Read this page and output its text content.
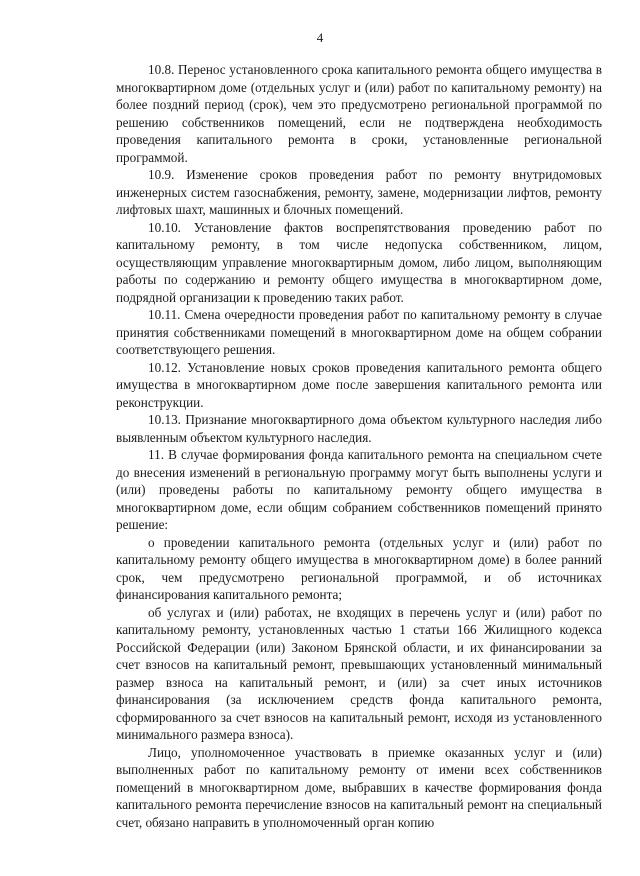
4

10.8. Перенос установленного срока капитального ремонта общего имущества в многоквартирном доме (отдельных услуг и (или) работ по капитальному ремонту) на более поздний период (срок), чем это предусмотрено региональной программой по решению собственников помещений, если не подтверждена необходимость проведения капитального ремонта в сроки, установленные региональной программой.

10.9. Изменение сроков проведения работ по ремонту внутридомовых инженерных систем газоснабжения, ремонту, замене, модернизации лифтов, ремонту лифтовых шахт, машинных и блочных помещений.

10.10. Установление фактов воспрепятствования проведению работ по капитальному ремонту, в том числе недопуска собственником, лицом, осуществляющим управление многоквартирным домом, либо лицом, выполняющим работы по содержанию и ремонту общего имущества в многоквартирном доме, подрядной организации к проведению таких работ.

10.11. Смена очередности проведения работ по капитальному ремонту в случае принятия собственниками помещений в многоквартирном доме на общем собрании соответствующего решения.

10.12. Установление новых сроков проведения капитального ремонта общего имущества в многоквартирном доме после завершения капитального ремонта или реконструкции.

10.13. Признание многоквартирного дома объектом культурного наследия либо выявленным объектом культурного наследия.

11. В случае формирования фонда капитального ремонта на специальном счете до внесения изменений в региональную программу могут быть выполнены услуги и (или) проведены работы по капитальному ремонту общего имущества в многоквартирном доме, если общим собранием собственников помещений принято решение:

о проведении капитального ремонта (отдельных услуг и (или) работ по капитальному ремонту общего имущества в многоквартирном доме) в более ранний срок, чем предусмотрено региональной программой, и об источниках финансирования капитального ремонта;

об услугах и (или) работах, не входящих в перечень услуг и (или) работ по капитальному ремонту, установленных частью 1 статьи 166 Жилищного кодекса Российской Федерации (или) Законом Брянской области, и их финансировании за счет взносов на капитальный ремонт, превышающих установленный минимальный размер взноса на капитальный ремонт, и (или) за счет иных источников финансирования (за исключением средств фонда капитального ремонта, сформированного за счет взносов на капитальный ремонт, исходя из установленного минимального размера взноса).

Лицо, уполномоченное участвовать в приемке оказанных услуг и (или) выполненных работ по капитальному ремонту от имени всех собственников помещений в многоквартирном доме, выбравших в качестве формирования фонда капитального ремонта перечисление взносов на капитальный ремонт на специальный счет, обязано направить в уполномоченный орган копию
